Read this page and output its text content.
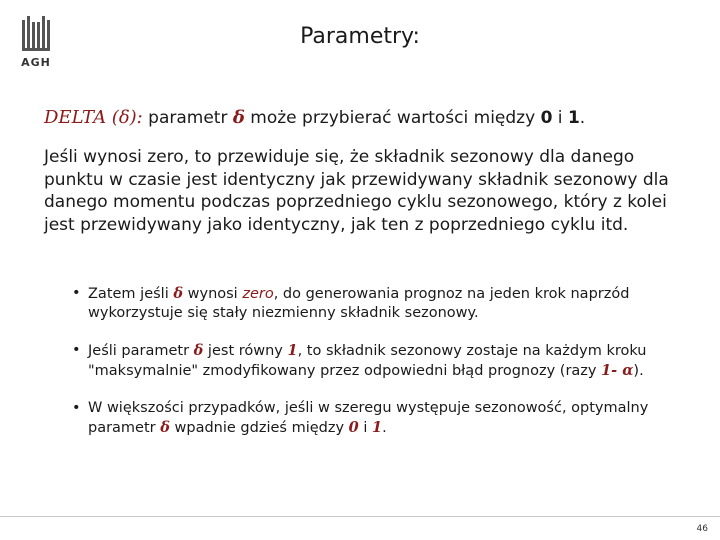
AGH
Parametry:
DELTA (δ): parametr δ może przybierać wartości między 0 i 1.

Jeśli wynosi zero, to przewiduje się, że składnik sezonowy dla danego punktu w czasie jest identyczny jak przewidywany składnik sezonowy dla danego momentu podczas poprzedniego cyklu sezonowego, który z kolei jest przewidywany jako identyczny, jak ten z poprzedniego cyklu itd.

• Zatem jeśli δ wynosi zero, do generowania prognoz na jeden krok naprzód wykorzystuje się stały niezmienny składnik sezonowy.
• Jeśli parametr δ jest równy 1, to składnik sezonowy zostaje na każdym kroku "maksymalnie" zmodyfikowany przez odpowiedni błąd prognozy (razy 1- α).
• W większości przypadków, jeśli w szeregu występuje sezonowość, optymalny parametr δ wpadnie gdzieś między 0 i 1.
46
